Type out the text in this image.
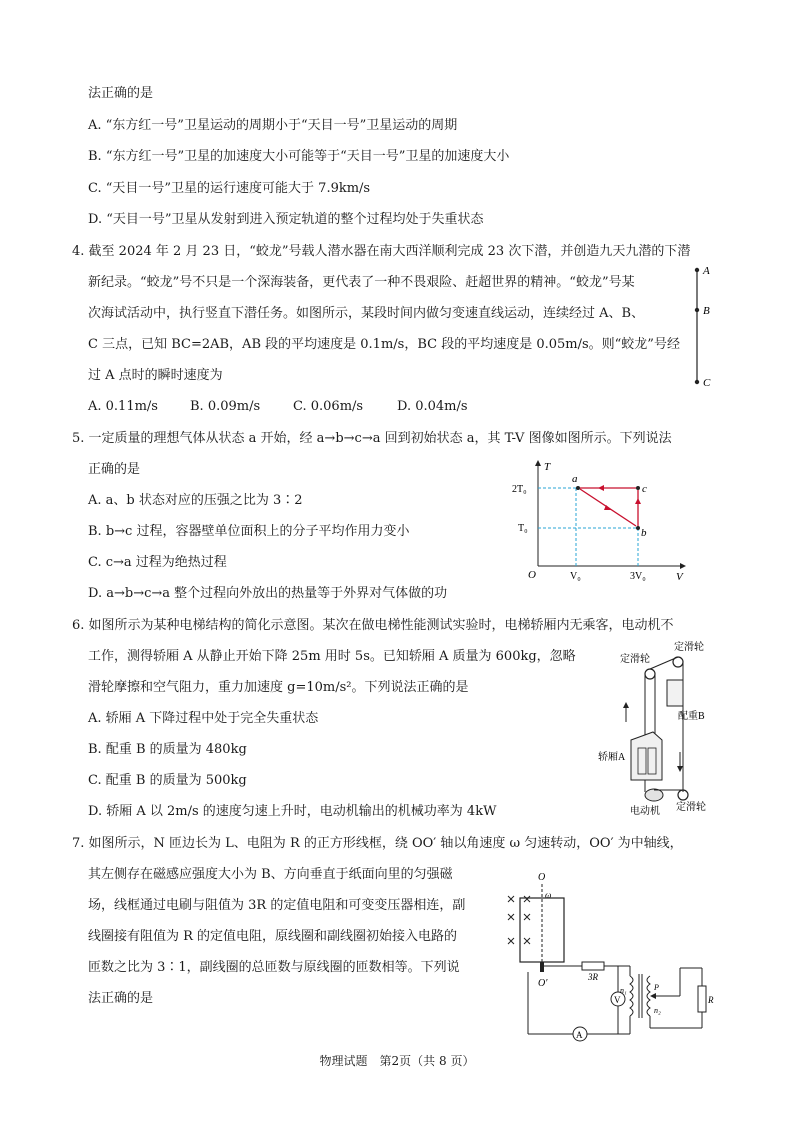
法正确的是
A. “东方红一号”卫星运动的周期小于“天目一号”卫星运动的周期
B. “东方红一号”卫星的加速度大小可能等于“天目一号”卫星的加速度大小
C. “天目一号”卫星的运行速度可能大于 7.9km/s
D. “天目一号”卫星从发射到进入预定轨道的整个过程均处于失重状态
4. 截至 2024 年 2 月 23 日，“蛟龙”号载人潜水器在南大西洋顺利完成 23 次下潜，并创造九天九潜的下潜
新纪录。“蛟龙”号不只是一个深海装备，更代表了一种不畏艰险、赶超世界的精神。“蛟龙”号某
次海试活动中，执行竖直下潜任务。如图所示，某段时间内做匀变速直线运动，连续经过 A、B、
C 三点，已知 BC=2AB，AB 段的平均速度是 0.1m/s，BC 段的平均速度是 0.05m/s。则“蛟龙”号经
过 A 点时的瞬时速度为
A. 0.11m/s B. 0.09m/s	C. 0.06m/s	D. 0.04m/s
A
B
C
5. 一定质量的理想气体从状态 a 开始，经 a→b→c→a 回到初始状态 a，其 T-V 图像如图所示。下列说法
正确的是
A. a、b 状态对应的压强之比为 3∶2
B. b→c 过程，容器壁单位面积上的分子平均作用力变小
C. c→a 过程为绝热过程
D. a→b→c→a 整个过程向外放出的热量等于外界对气体做的功
T
V
O
2T₀
T₀
V₀	3V₀
a
b
c
6. 如图所示为某种电梯结构的简化示意图。某次在做电梯性能测试实验时，电梯轿厢内无乘客，电动机不
工作，测得轿厢 A 从静止开始下降 25m 用时 5s。已知轿厢 A 质量为 600kg，忽略
滑轮摩擦和空气阻力，重力加速度 g=10m/s²。下列说法正确的是
A. 轿厢 A 下降过程中处于完全失重状态
B. 配重 B 的质量为 480kg
C. 配重 B 的质量为 500kg
D. 轿厢 A 以 2m/s 的速度匀速上升时，电动机输出的机械功率为 4kW
定滑轮
定滑轮
配重B
轿厢A
电动机 定滑轮
7. 如图所示，N 匝边长为 L、电阻为 R 的正方形线框，绕 OO′ 轴以角速度 ω 匀速转动，OO′ 为中轴线，
其左侧存在磁感应强度大小为 B、方向垂直于纸面向里的匀强磁
场，线框通过电刷与阻值为 3R 的定值电阻和可变变压器相连，副
线圈接有阻值为 R 的定值电阻，原线圈和副线圈初始接入电路的
匝数之比为 3∶1，副线圈的总匝数与原线圈的匝数相等。下列说
法正确的是
O
ω
O′
3R
A
V
n₁
n₂
P
R
物理试题　第2页（共 8 页）
